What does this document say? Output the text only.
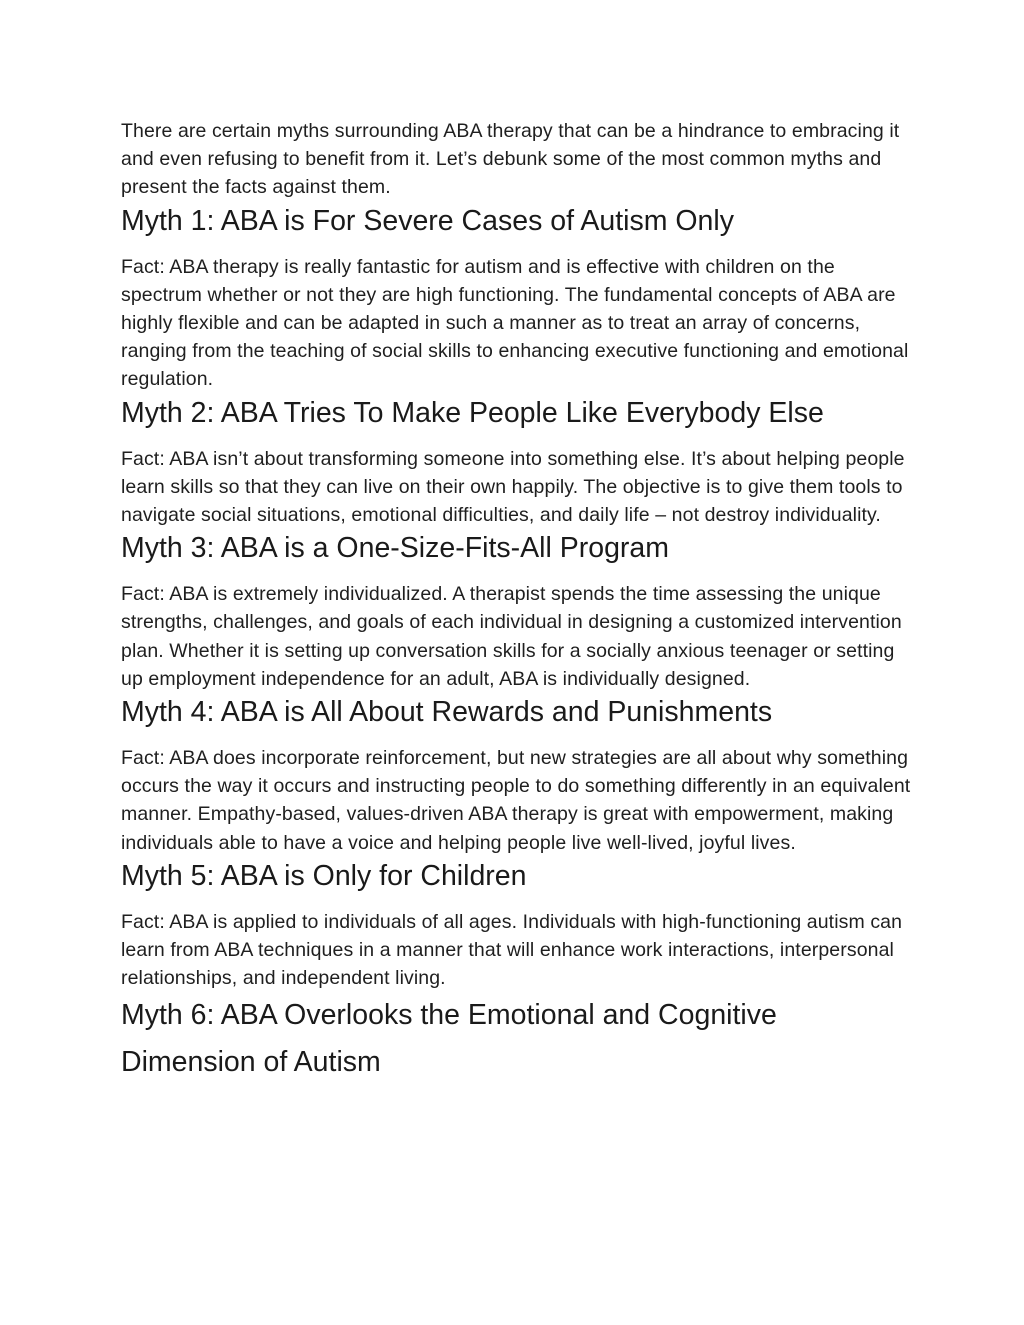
There are certain myths surrounding ABA therapy that can be a hindrance to embracing it and even refusing to benefit from it. Let’s debunk some of the most common myths and present the facts against them.

Myth 1: ABA is For Severe Cases of Autism Only

Fact: ABA therapy is really fantastic for autism and is effective with children on the spectrum whether or not they are high functioning. The fundamental concepts of ABA are highly flexible and can be adapted in such a manner as to treat an array of concerns, ranging from the teaching of social skills to enhancing executive functioning and emotional regulation.

Myth 2: ABA Tries To Make People Like Everybody Else

Fact: ABA isn’t about transforming someone into something else. It’s about helping people learn skills so that they can live on their own happily. The objective is to give them tools to navigate social situations, emotional difficulties, and daily life – not destroy individuality.

Myth 3: ABA is a One-Size-Fits-All Program

Fact: ABA is extremely individualized. A therapist spends the time assessing the unique strengths, challenges, and goals of each individual in designing a customized intervention plan. Whether it is setting up conversation skills for a socially anxious teenager or setting up employment independence for an adult, ABA is individually designed.

Myth 4: ABA is All About Rewards and Punishments

Fact: ABA does incorporate reinforcement, but new strategies are all about why something occurs the way it occurs and instructing people to do something differently in an equivalent manner. Empathy-based, values-driven ABA therapy is great with empowerment, making individuals able to have a voice and helping people live well-lived, joyful lives.

Myth 5: ABA is Only for Children

Fact: ABA is applied to individuals of all ages. Individuals with high-functioning autism can learn from ABA techniques in a manner that will enhance work interactions, interpersonal relationships, and independent living.

Myth 6: ABA Overlooks the Emotional and Cognitive Dimension of Autism
